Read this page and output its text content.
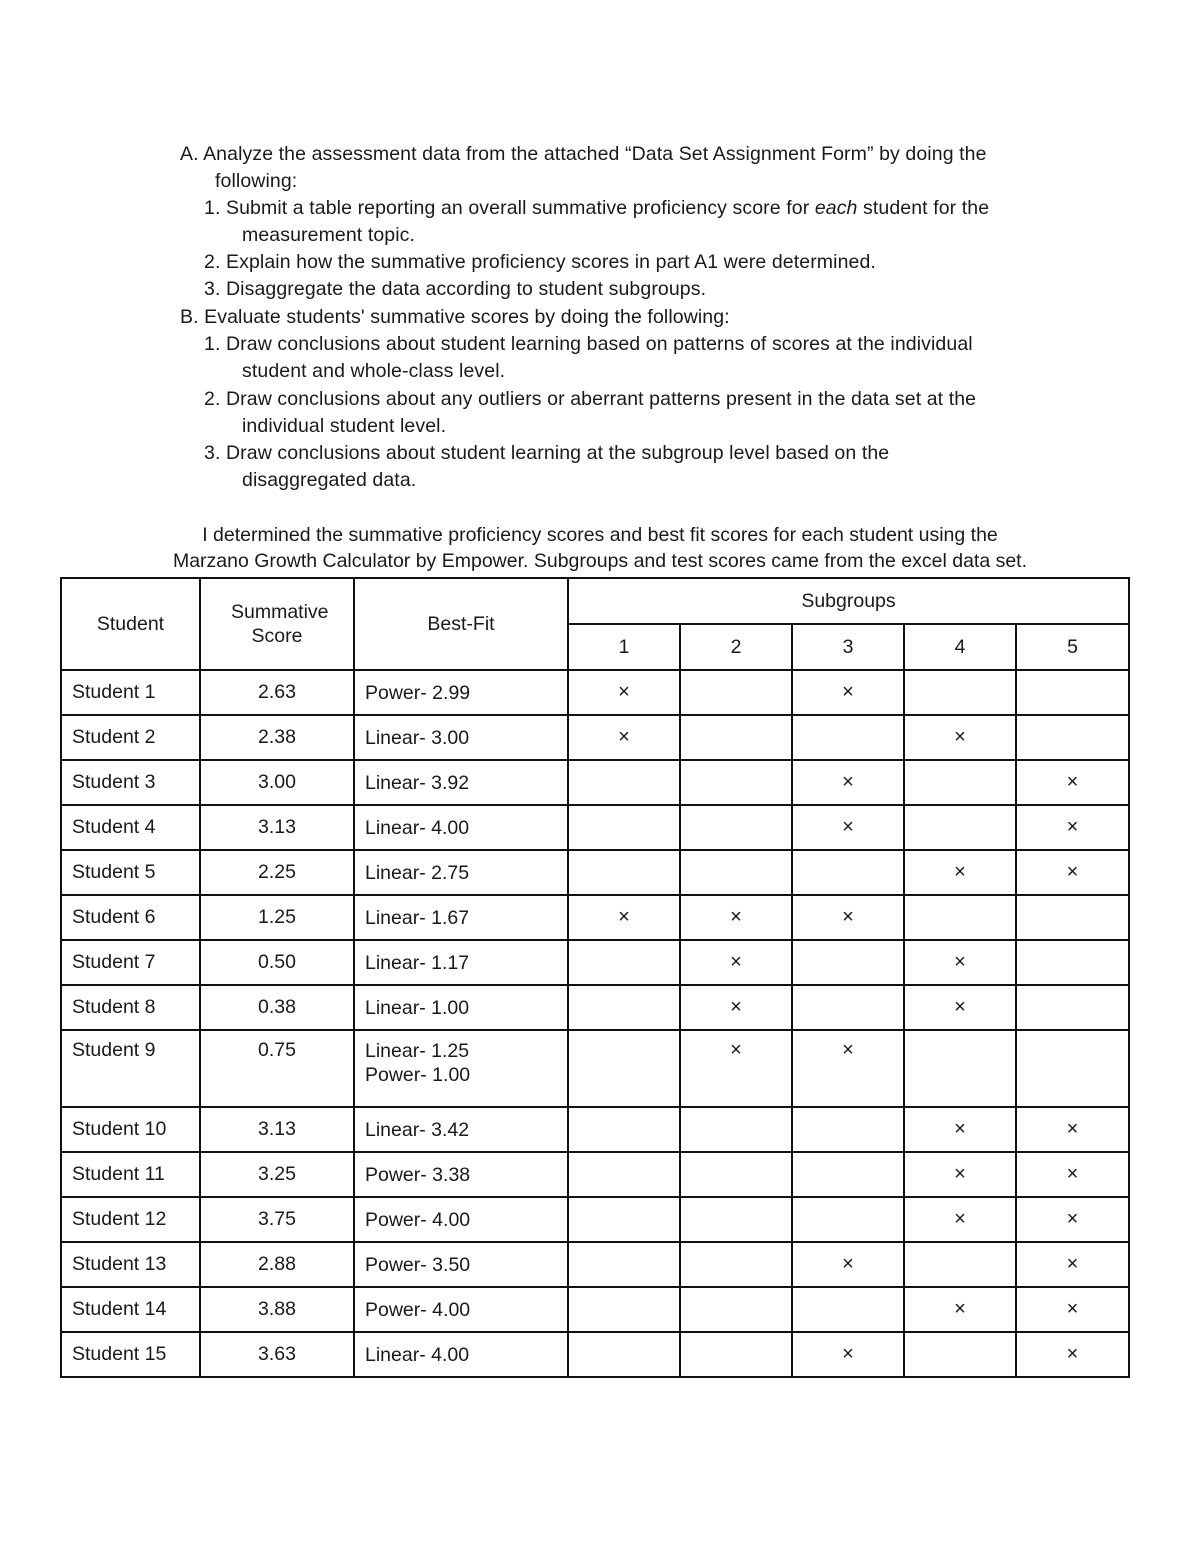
A. Analyze the assessment data from the attached “Data Set Assignment Form” by doing the
following:
1. Submit a table reporting an overall summative proficiency score for each student for the
measurement topic.
2. Explain how the summative proficiency scores in part A1 were determined.
3. Disaggregate the data according to student subgroups.
B. Evaluate students' summative scores by doing the following:
1. Draw conclusions about student learning based on patterns of scores at the individual
student and whole-class level.
2. Draw conclusions about any outliers or aberrant patterns present in the data set at the
individual student level.
3. Draw conclusions about student learning at the subgroup level based on the
disaggregated data.
I determined the summative proficiency scores and best fit scores for each student using the
Marzano Growth Calculator by Empower. Subgroups and test scores came from the excel data set.
Student	Summative Score	Best-Fit	Subgroups				
			1	2	3	4	5
Student 1	2.63	Power- 2.99	×		×		
Student 2	2.38	Linear- 3.00	×			×	
Student 3	3.00	Linear- 3.92			×		×
Student 4	3.13	Linear- 4.00			×		×
Student 5	2.25	Linear- 2.75				×	×
Student 6	1.25	Linear- 1.67	×	×	×		
Student 7	0.50	Linear- 1.17		×		×	
Student 8	0.38	Linear- 1.00		×		×	
Student 9	0.75	Linear- 1.25
Power- 1.00		×	×		
Student 10	3.13	Linear- 3.42				×	×
Student 11	3.25	Power- 3.38				×	×
Student 12	3.75	Power- 4.00				×	×
Student 13	2.88	Power- 3.50			×		×
Student 14	3.88	Power- 4.00				×	×
Student 15	3.63	Linear- 4.00			×		×
